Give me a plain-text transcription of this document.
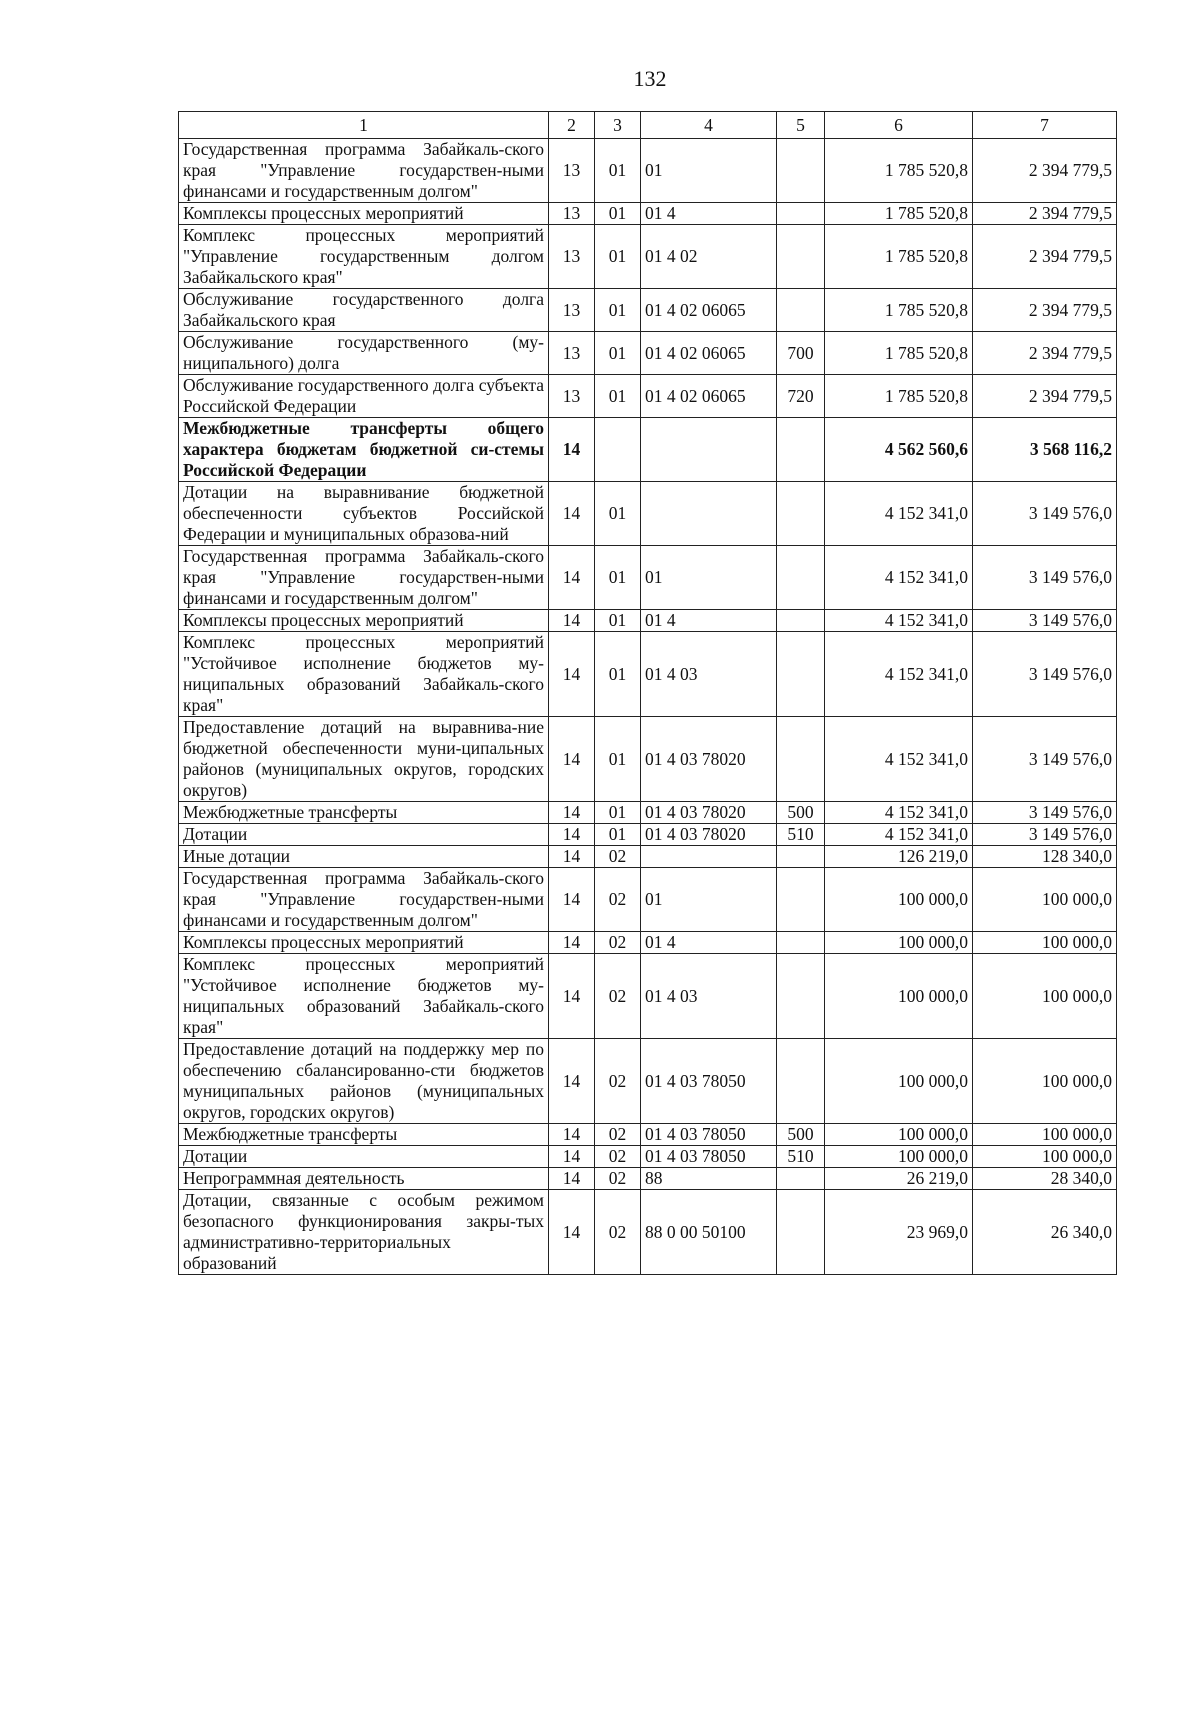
132
1	2	3	4	5	6	7
Государственная программа Забайкаль-ского края "Управление государствен-ными финансами и государственным долгом"	13	01	01		1 785 520,8	2 394 779,5
Комплексы процессных мероприятий	13	01	01 4		1 785 520,8	2 394 779,5
Комплекс процессных мероприятий "Управление государственным долгом Забайкальского края"	13	01	01 4 02		1 785 520,8	2 394 779,5
Обслуживание государственного долга Забайкальского края	13	01	01 4 02 06065		1 785 520,8	2 394 779,5
Обслуживание государственного (му-ниципального) долга	13	01	01 4 02 06065	700	1 785 520,8	2 394 779,5
Обслуживание государственного долга субъекта Российской Федерации	13	01	01 4 02 06065	720	1 785 520,8	2 394 779,5
Межбюджетные трансферты общего характера бюджетам бюджетной си-стемы Российской Федерации	14				4 562 560,6	3 568 116,2
Дотации на выравнивание бюджетной обеспеченности субъектов Российской Федерации и муниципальных образова-ний	14	01			4 152 341,0	3 149 576,0
Государственная программа Забайкаль-ского края "Управление государствен-ными финансами и государственным долгом"	14	01	01		4 152 341,0	3 149 576,0
Комплексы процессных мероприятий	14	01	01 4		4 152 341,0	3 149 576,0
Комплекс процессных мероприятий "Устойчивое исполнение бюджетов му-ниципальных образований Забайкаль-ского края"	14	01	01 4 03		4 152 341,0	3 149 576,0
Предоставление дотаций на выравнива-ние бюджетной обеспеченности муни-ципальных районов (муниципальных округов, городских округов)	14	01	01 4 03 78020		4 152 341,0	3 149 576,0
Межбюджетные трансферты	14	01	01 4 03 78020	500	4 152 341,0	3 149 576,0
Дотации	14	01	01 4 03 78020	510	4 152 341,0	3 149 576,0
Иные дотации	14	02			126 219,0	128 340,0
Государственная программа Забайкаль-ского края "Управление государствен-ными финансами и государственным долгом"	14	02	01		100 000,0	100 000,0
Комплексы процессных мероприятий	14	02	01 4		100 000,0	100 000,0
Комплекс процессных мероприятий "Устойчивое исполнение бюджетов му-ниципальных образований Забайкаль-ского края"	14	02	01 4 03		100 000,0	100 000,0
Предоставление дотаций на поддержку мер по обеспечению сбалансированно-сти бюджетов муниципальных районов (муниципальных округов, городских округов)	14	02	01 4 03 78050		100 000,0	100 000,0
Межбюджетные трансферты	14	02	01 4 03 78050	500	100 000,0	100 000,0
Дотации	14	02	01 4 03 78050	510	100 000,0	100 000,0
Непрограммная деятельность	14	02	88		26 219,0	28 340,0
Дотации, связанные с особым режимом безопасного функционирования закры-тых административно-территориальных образований	14	02	88 0 00 50100		23 969,0	26 340,0
